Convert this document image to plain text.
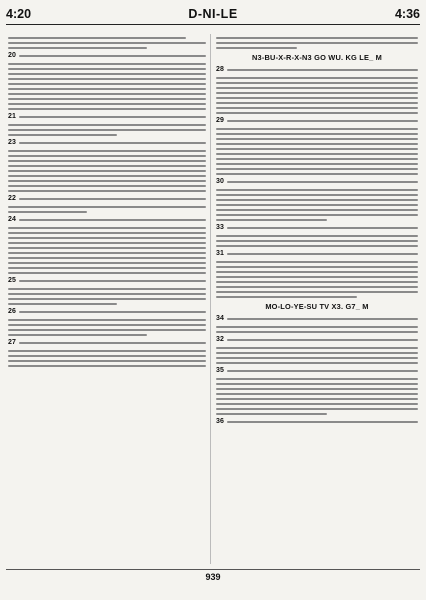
4:20	D-NI-LE	4:36
20
21
23
22
24
25
26
27
N3-BU-X-R-X-N3 GO WU. KG LE_ M
28
29
30
33
31
MO-LO-YE-SU TV X3. G7_ M
34
32
35
36
939
